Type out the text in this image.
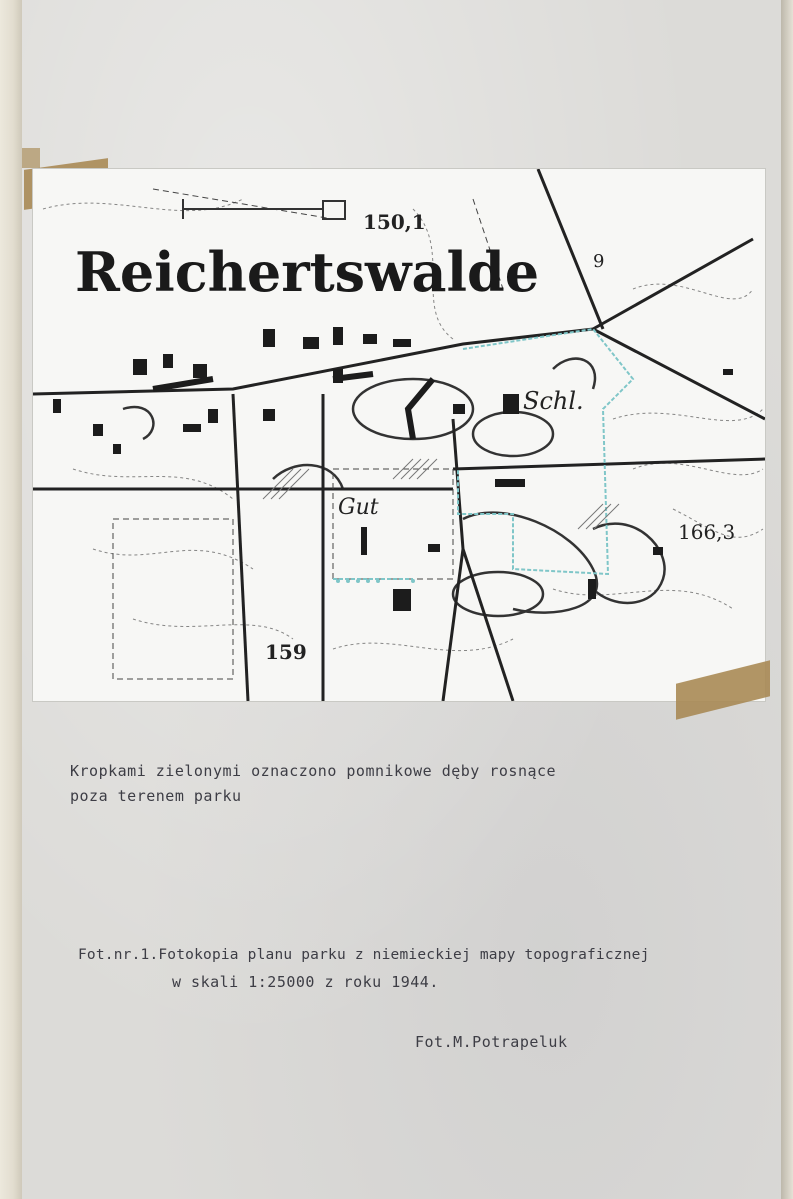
Reichertswalde
150,1
9
Schl.
Gut
166,3
159
Kropkami zielonymi oznaczono pomnikowe dęby rosnące
poza terenem parku
Fot.nr.1.Fotokopia planu parku z niemieckiej mapy topograficznej
w skali 1:25000 z roku 1944.
Fot.M.Potrapeluk
